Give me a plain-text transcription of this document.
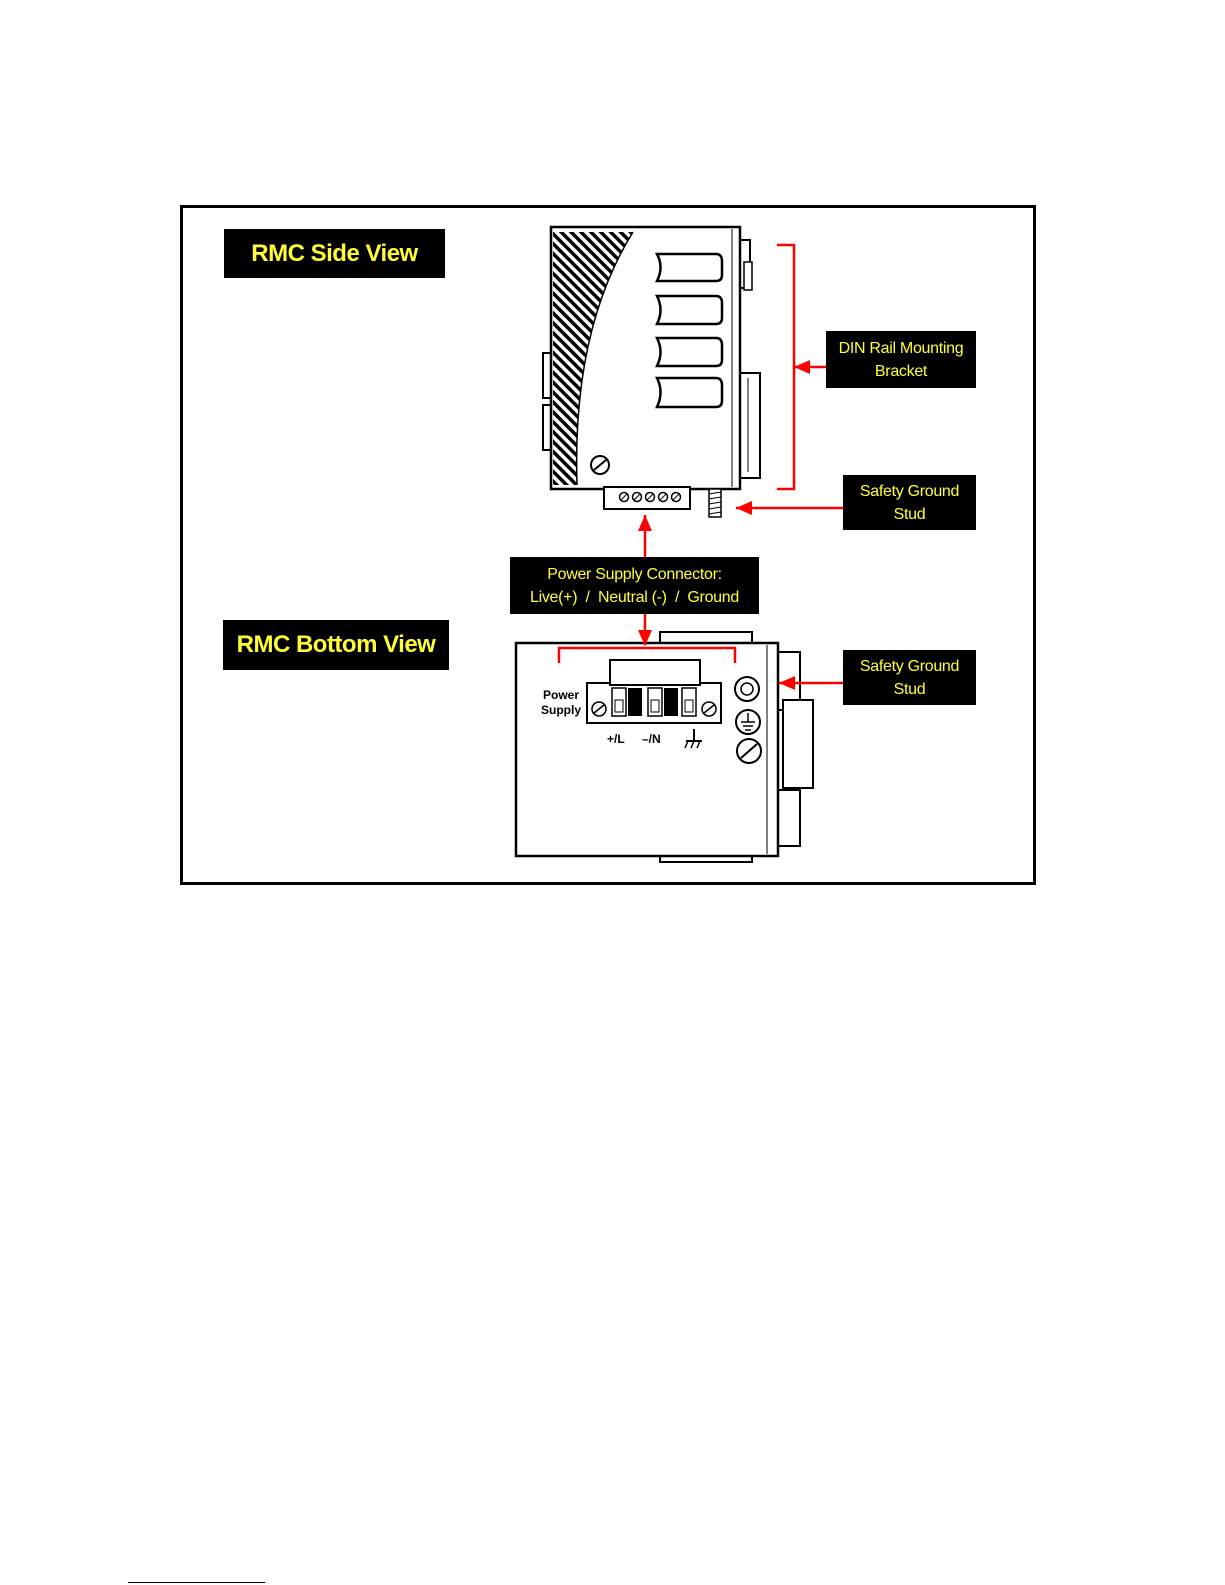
RMC Side View
RMC Bottom View
DIN Rail Mounting
Bracket
Safety Ground
Stud
Power Supply Connector:
Live(+)  /  Neutral (-)  /  Ground
Safety Ground
Stud
Power
Supply
+/L –/N
